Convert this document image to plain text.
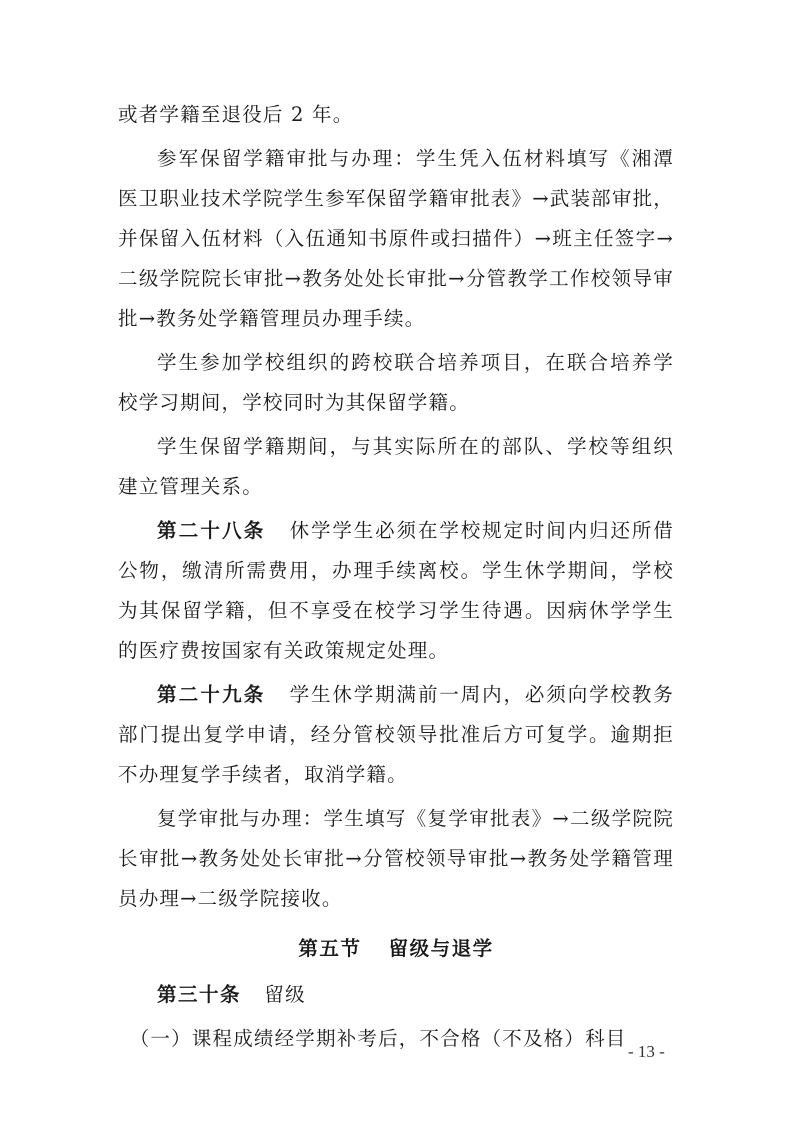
或者学籍至退役后 2 年。

参军保留学籍审批与办理：学生凭入伍材料填写《湘潭医卫职业技术学院学生参军保留学籍审批表》→武装部审批，并保留入伍材料（入伍通知书原件或扫描件）→班主任签字→二级学院院长审批→教务处处长审批→分管教学工作校领导审批→教务处学籍管理员办理手续。

学生参加学校组织的跨校联合培养项目，在联合培养学校学习期间，学校同时为其保留学籍。

学生保留学籍期间，与其实际所在的部队、学校等组织建立管理关系。

第二十八条 休学学生必须在学校规定时间内归还所借公物，缴清所需费用，办理手续离校。学生休学期间，学校为其保留学籍，但不享受在校学习学生待遇。因病休学学生的医疗费按国家有关政策规定处理。

第二十九条 学生休学期满前一周内，必须向学校教务部门提出复学申请，经分管校领导批准后方可复学。逾期拒不办理复学手续者，取消学籍。

复学审批与办理：学生填写《复学审批表》→二级学院院长审批→教务处处长审批→分管校领导审批→教务处学籍管理员办理→二级学院接收。

第五节 留级与退学

第三十条 留级

（一）课程成绩经学期补考后，不合格（不及格）科目

- 13 -
